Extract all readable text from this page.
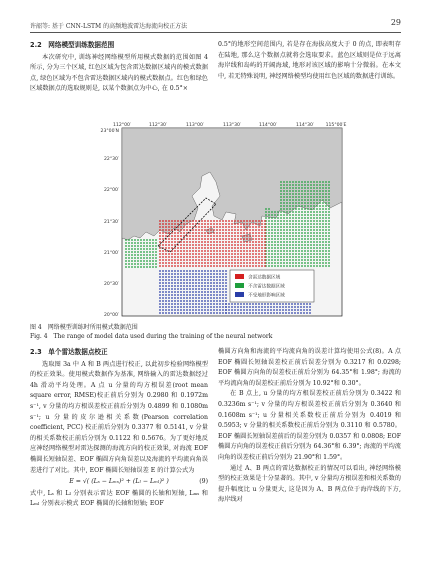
许韶等: 基于 CNN-LSTM 的高频地波雷达海流向校正方法	29
2.2　网络模型训练数据范围

本次研究中, 训练神经网络模型所用模式数据的范围如图 4 所示, 分为三个区域, 红色区域为包含雷达数据区域内的模式数据点, 绿色区域为不包含雷达数据区域内的模式数据点。红色和绿色区域数据点的选取规则是, 以某个数据点为中心, 在 0.5°×

0.5°的地形空间范围内, 若是存在海拔高度大于 0 的点, 即表明存在陆地, 那么这个数据点就将会选取要求。蓝色区域则是位于远离海岸线和岛屿的开阔海域, 地形对该区域的影响十分微弱。在本文中, 若无特殊说明, 神经网络模型均使用红色区域的数据进行训练。

112°00′	112°30′	113°00′	113°30′	114°00′	114°30′	115°00′E
23°00′N
22°30′
22°00′
21°30′
21°00′
20°30′
20°00′
含雷达数据区域
不含雷达数据区域
不受地形影响区域
图 4　网络模型训练时所用模式数据范围
Fig. 4　The range of model data used during the training of the neural network
2.3　单个雷达数据点校正

选取图 3a 中 A 和 B 两点进行校正, 以此初步检验网络模型的校正效果。使用模式数据作为基准, 网络输入的雷达数据经过 4h 滑动平均处理。A 点 u 分量的均方根误差(root mean square error, RMSE)校正前后分别为 0.2980 和 0.1972m s⁻¹, v 分量的均方根误差校正前后分别为 0.4899 和 0.1080m s⁻¹; u 分量的皮尔逊相关系数(Pearson correlation coefficient, PCC) 校正前后分别为 0.3377 和 0.5141, v 分量的相关系数校正前后分别为 0.1122 和 0.5676。为了更好地反应神经网络模型对雷达探测的海流方向的校正效果, 对海流 EOF 椭圆长短轴误差、EOF 椭圆方向角误差以及海流的平均流向角误差进行了对比。其中, EOF 椭圆长短轴误差 E 的计算公式为

E = √( (Lₛ − Lₘₛ)² + (Lₗ − Lₘₗ)² )	(9)

式中, Lₛ 和 Lₗ 分别表示雷达 EOF 椭圆的长轴和短轴, Lₘₛ 和 Lₘₗ 分别表示模式 EOF 椭圆的长轴和短轴; EOF

椭圆方向角和海流的平均流向角的误差计算均使用公式(8)。A 点 EOF 椭圆长短轴误差校正前后误差分别为 0.3217 和 0.0298; EOF 椭圆方向角的误差校正前后分别为 64.35°和 1.98°; 海流的平均流向角的误差校正前后分别为 10.92°和 0.30°。

在 B 点上, u 分量的均方根误差校正前后分别为 0.3422 和 0.3236m s⁻¹; v 分量的均方根误差校正前后分别为 0.3640 和 0.1608m s⁻¹; u 分量相关系数校正前后分别为 0.4019 和 0.5953; v 分量的相关系数校正前后分别为 0.3110 和 0.5780。EOF 椭圆长短轴误差前后的误差分别为 0.0357 和 0.0808; EOF 椭圆方向角的误差校正前后分别为 64.36°和 6.39°; 海流的平均流向角的误差校正前后分别为 21.90°和 1.59°。

通过 A、B 两点的雷达数据校正的情况可以看出, 神经网络模型的校正效果是十分显著的。其中, v 分量均方根误差和相关系数的提升幅度比 u 分量更大, 这是因为 A、B 两点位于海岸线的下方, 海岸线对
